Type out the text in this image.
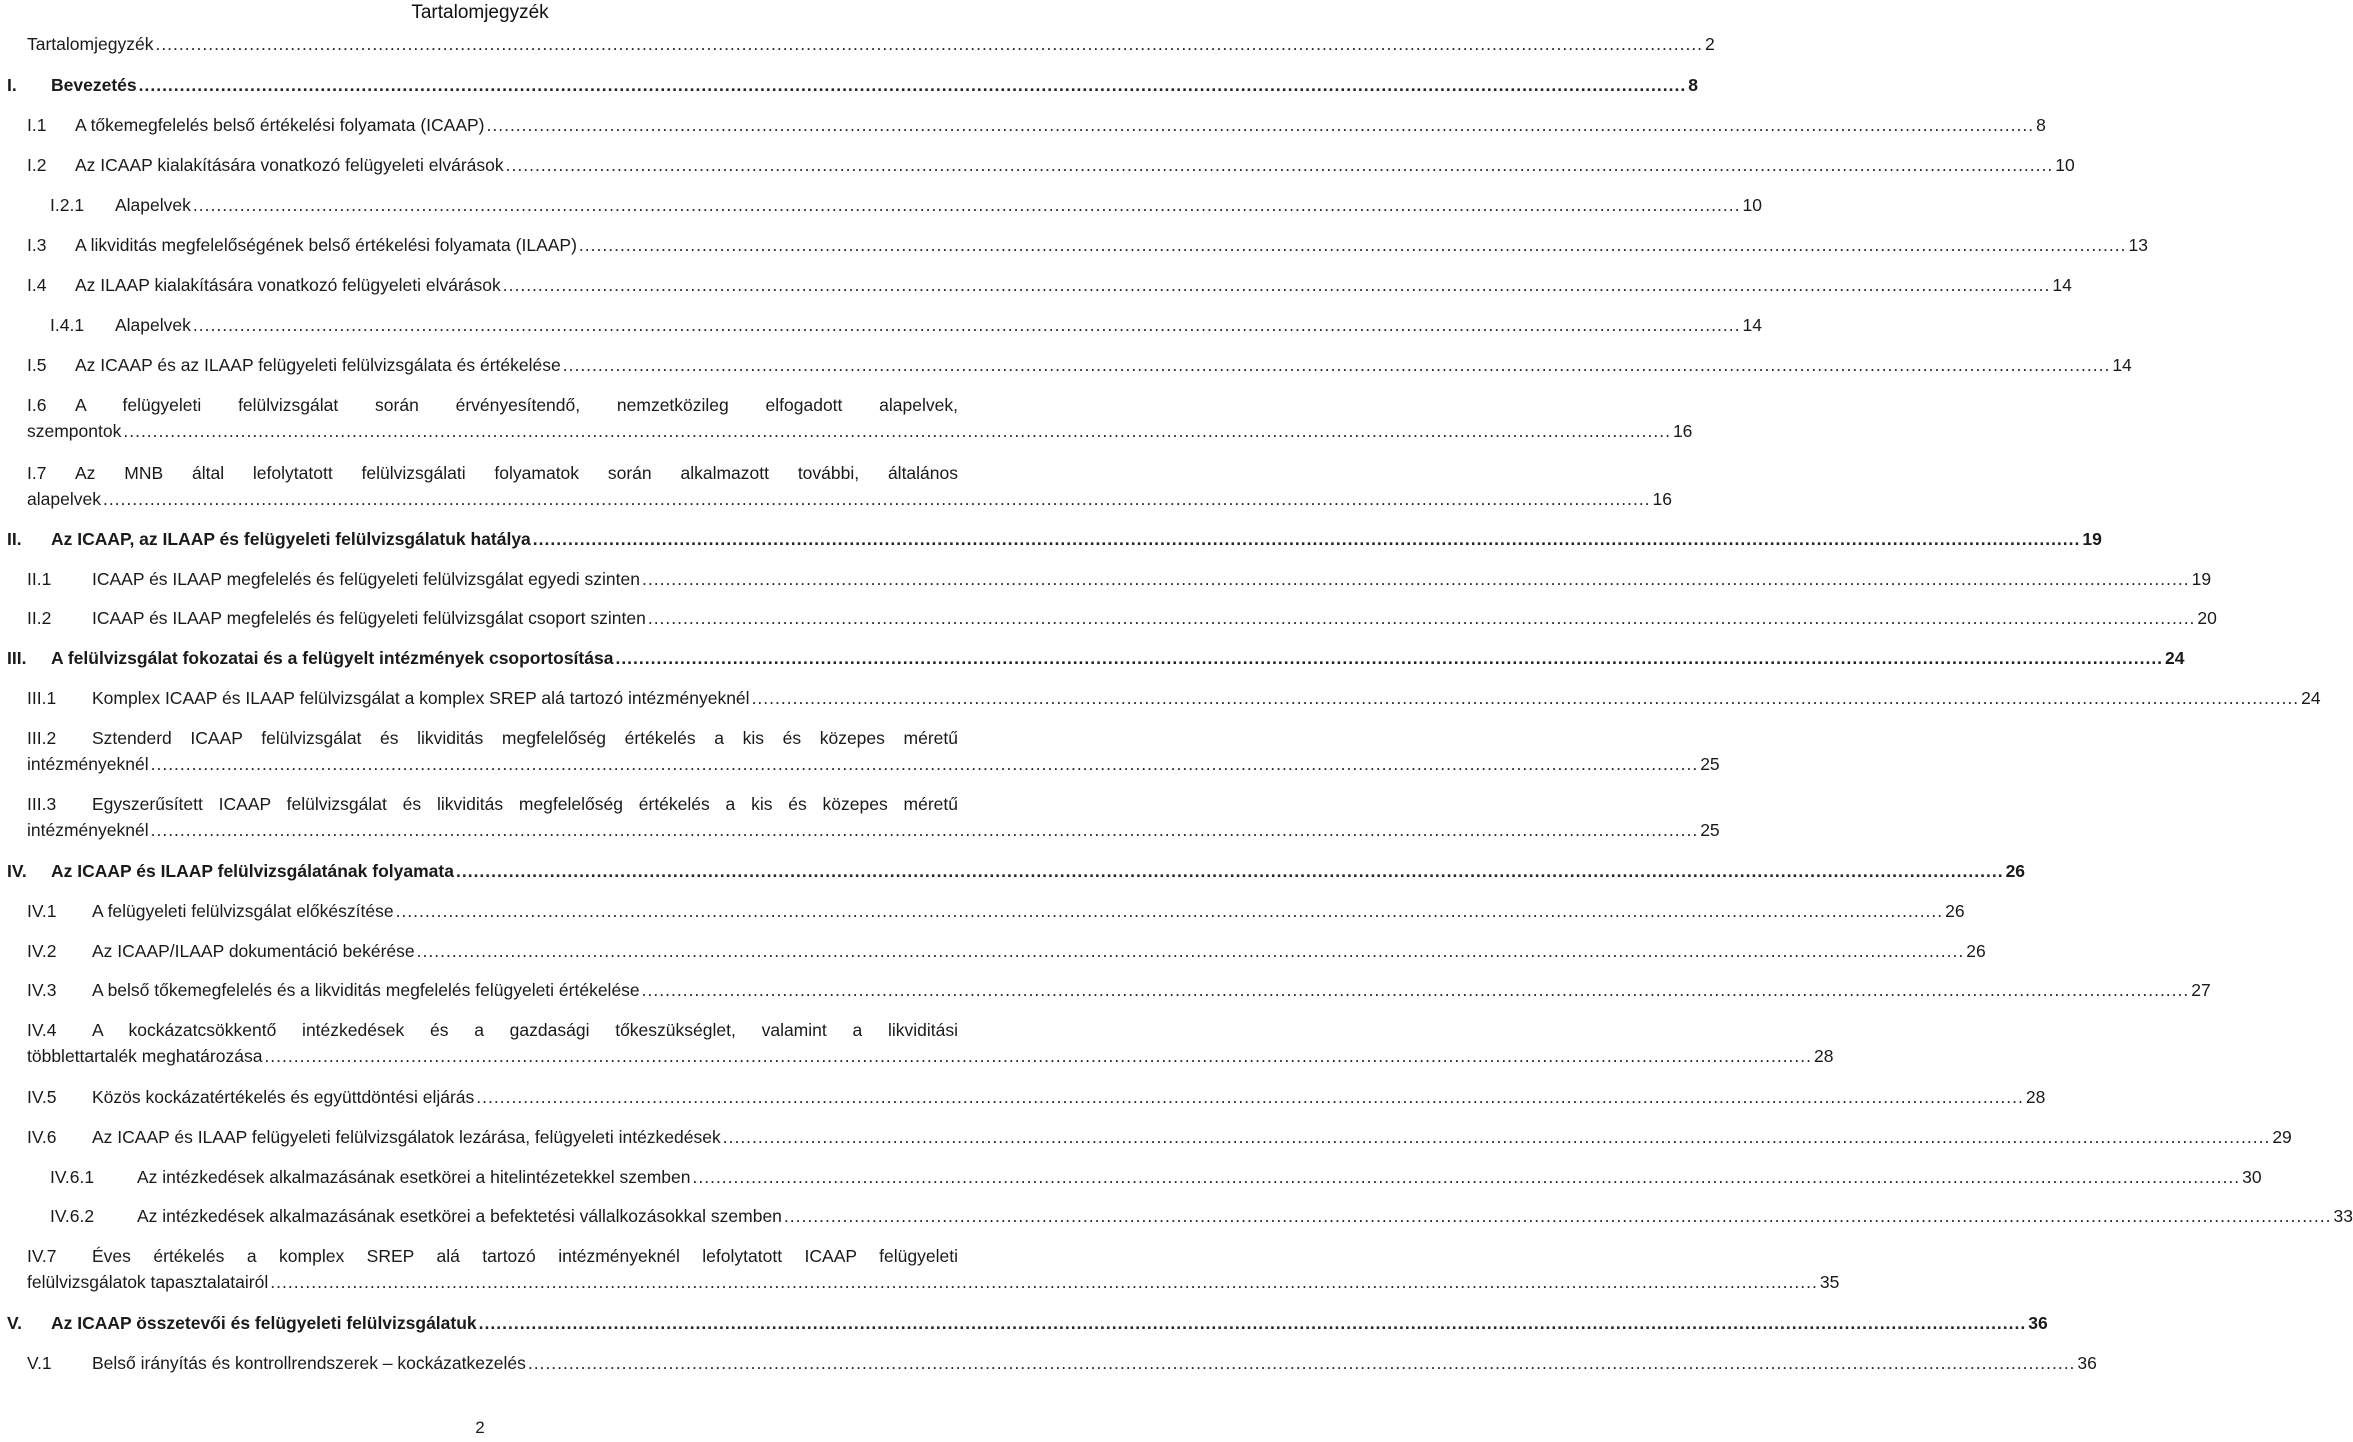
Tartalomjegyzék
Tartalomjegyzék .....	2
I.	Bevezetés .....	8
I.1	A tőkemegfelelés belső értékelési folyamata (ICAAP) .....	8
I.2	Az ICAAP kialakítására vonatkozó felügyeleti elvárások .....	10
I.2.1	Alapelvek .....	10
I.3	A likviditás megfelelőségének belső értékelési folyamata (ILAAP) .....	13
I.4	Az ILAAP kialakítására vonatkozó felügyeleti elvárások .....	14
I.4.1	Alapelvek .....	14
I.5	Az ICAAP és az ILAAP felügyeleti felülvizsgálata és értékelése .....	14
I.6	A felügyeleti felülvizsgálat során érvényesítendő, nemzetközileg elfogadott alapelvek,
szempontok .....	16
I.7	Az MNB által lefolytatott felülvizsgálati folyamatok során alkalmazott további, általános
alapelvek .....	16
II.	Az ICAAP, az ILAAP és felügyeleti felülvizsgálatuk hatálya .....	19
II.1	ICAAP és ILAAP megfelelés és felügyeleti felülvizsgálat egyedi szinten .....	19
II.2	ICAAP és ILAAP megfelelés és felügyeleti felülvizsgálat csoport szinten .....	20
III.	A felülvizsgálat fokozatai és a felügyelt intézmények csoportosítása .....	24
III.1	Komplex ICAAP és ILAAP felülvizsgálat a komplex SREP alá tartozó intézményeknél .....	24
III.2	Sztenderd ICAAP felülvizsgálat és likviditás megfelelőség értékelés a kis és közepes méretű
intézményeknél .....	25
III.3	Egyszerűsített ICAAP felülvizsgálat és likviditás megfelelőség értékelés a kis és közepes méretű
intézményeknél .....	25
IV.	Az ICAAP és ILAAP felülvizsgálatának folyamata .....	26
IV.1	A felügyeleti felülvizsgálat előkészítése .....	26
IV.2	Az ICAAP/ILAAP dokumentáció bekérése .....	26
IV.3	A belső tőkemegfelelés és a likviditás megfelelés felügyeleti értékelése .....	27
IV.4	A kockázatcsökkentő intézkedések és a gazdasági tőkeszükséglet, valamint a likviditási
többlettartalék meghatározása .....	28
IV.5	Közös kockázatértékelés és együttdöntési eljárás .....	28
IV.6	Az ICAAP és ILAAP felügyeleti felülvizsgálatok lezárása, felügyeleti intézkedések .....	29
IV.6.1	Az intézkedések alkalmazásának esetkörei a hitelintézetekkel szemben .....	30
IV.6.2	Az intézkedések alkalmazásának esetkörei a befektetési vállalkozásokkal szemben .....	33
IV.7	Éves értékelés a komplex SREP alá tartozó intézményeknél lefolytatott ICAAP felügyeleti
felülvizsgálatok tapasztalatairól .....	35
V.	Az ICAAP összetevői és felügyeleti felülvizsgálatuk .....	36
V.1	Belső irányítás és kontrollrendszerek – kockázatkezelés .....	36
2
